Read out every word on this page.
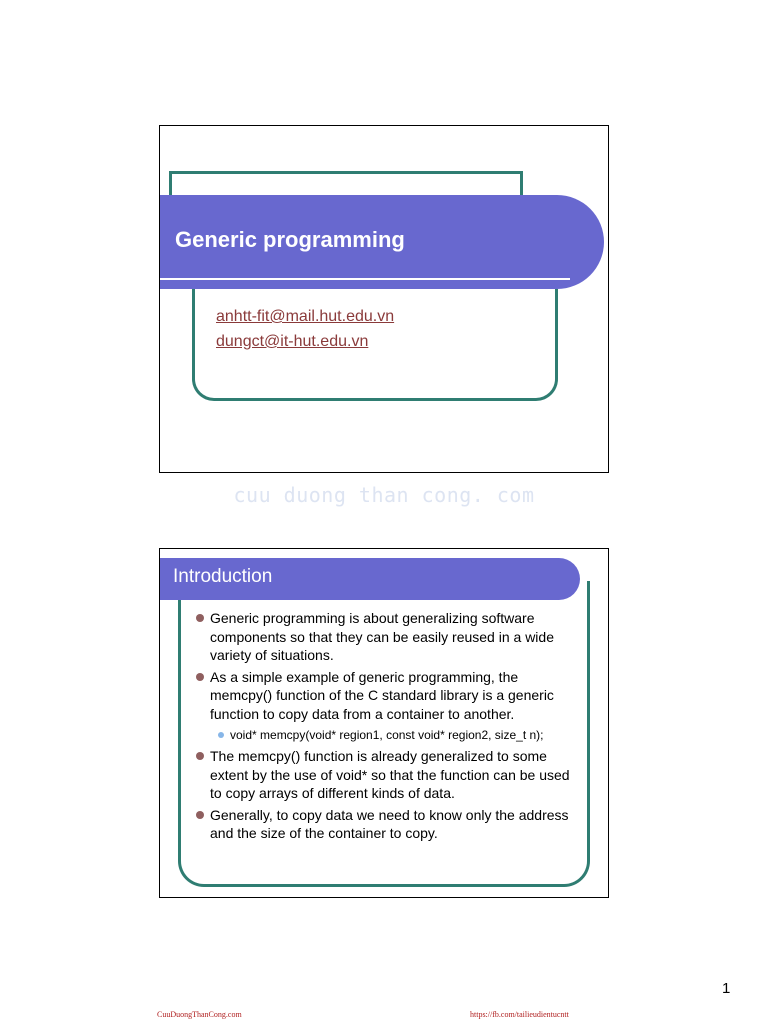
Generic programming
anhtt-fit@mail.hut.edu.vn
dungct@it-hut.edu.vn
cuu duong than cong. com
Introduction
Generic programming is about generalizing software components so that they can be easily reused in a wide variety of situations.
As a simple example of generic programming, the memcpy() function of the C standard library is a generic function to copy data from a container to another.
void* memcpy(void* region1, const void* region2, size_t n);
The memcpy() function is already generalized to some extent by the use of void* so that the function can be used to copy arrays of different kinds of data.
Generally, to copy data we need to know only the address and the size of the container to copy.
1
CuuDuongThanCong.com	https://fb.com/tailieudientucntt
